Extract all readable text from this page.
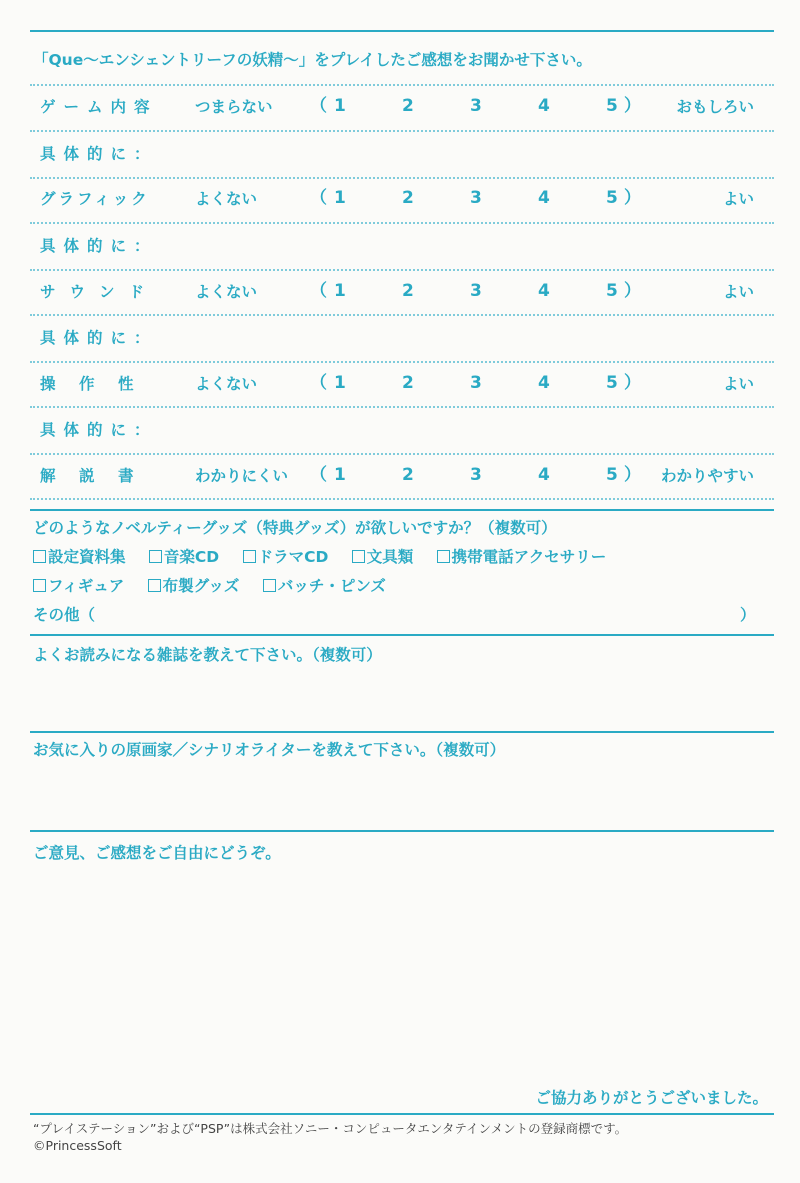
「Que〜エンシェントリーフの妖精〜」をプレイしたご感想をお聞かせ下さい。
ゲーム内容 つまらない （ 1	2	3	4	5 ） おもしろい
具体的に：
グラフィック	よくない	（ 1	2	3	4	5 ）	よい
具体的に：
サウンド よくない	（ 1	2	3	4	5 ）	よい
具体的に：
操　作　性	よくない	（ 1	2	3	4	5 ）	よい
具体的に：
解　説　書	わかりにくい （ 1	2	3	4	5 ） わかりやすい
どのようなノベルティーグッズ（特典グッズ）が欲しいですか？（複数可）
設定資料集 音楽CD ドラマCD 文具類 携帯電話アクセサリー
フィギュア 布製グッズ バッチ・ピンズ
その他（	）
よくお読みになる雑誌を教えて下さい。（複数可）
お気に入りの原画家／シナリオライターを教えて下さい。（複数可）
ご意見、ご感想をご自由にどうぞ。
ご協力ありがとうございました。
“プレイステーション”および“PSP”は株式会社ソニー・コンピュータエンタテインメントの登録商標です。
©PrincessSoft
